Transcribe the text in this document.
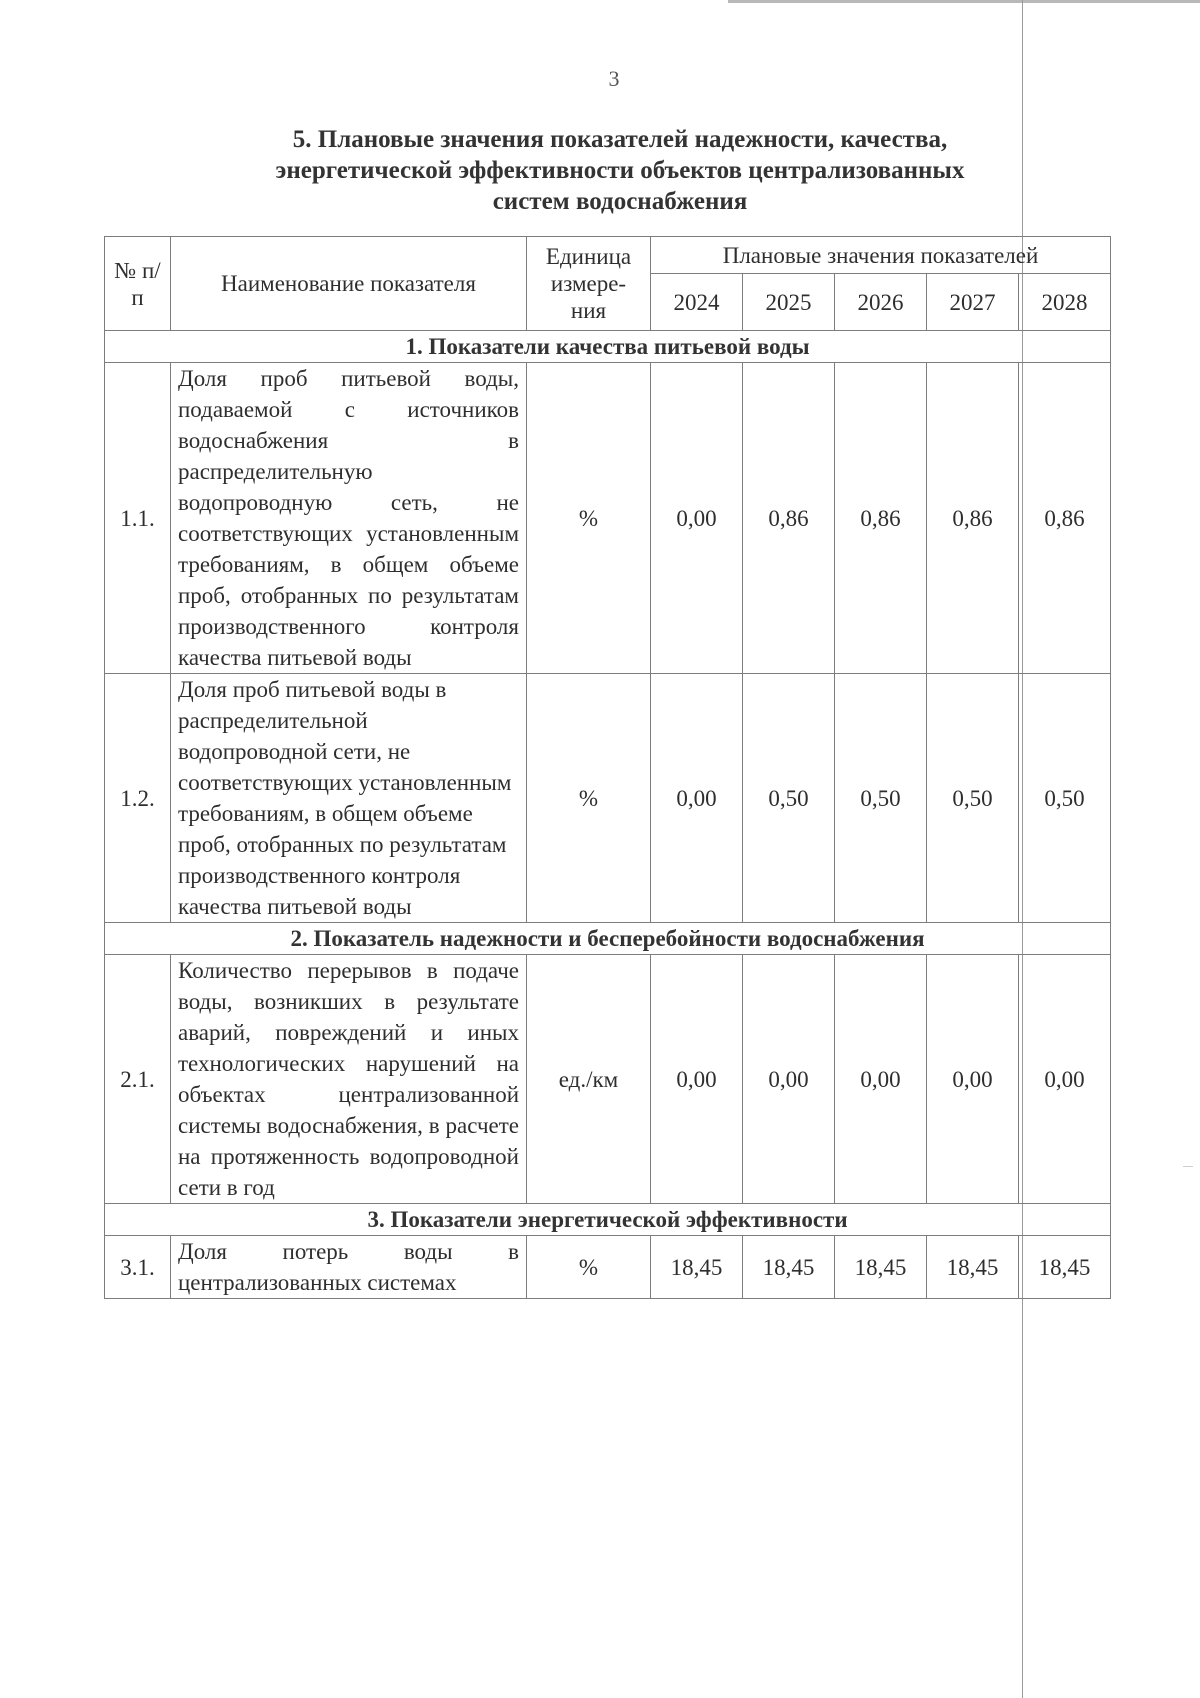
3
5. Плановые значения показателей надежности, качества,
энергетической эффективности объектов централизованных
систем водоснабжения
№ п/п	Наименование показателя	Единица измере-ния	Плановые значения показателей				
			2024	2025	2026	2027	2028
1. Показатели качества питьевой воды							
1.1.	Доля проб питьевой воды, подаваемой с источников водоснабжения в распределительную водопроводную сеть, не соответствующих установленным требованиям, в общем объеме проб, отобранных по результатам производственного контроля качества питьевой воды	%	0,00	0,86	0,86	0,86	0,86
1.2.	Доля проб питьевой воды в распределительной водопроводной сети, не соответствующих установленным требованиям, в общем объеме проб, отобранных по результатам производственного контроля качества питьевой воды	%	0,00	0,50	0,50	0,50	0,50
2. Показатель надежности и бесперебойности водоснабжения							
2.1.	Количество перерывов в подаче воды, возникших в результате аварий, повреждений и иных технологических нарушений на объектах централизованной системы водоснабжения, в расчете на протяженность водопроводной сети в год	ед./км	0,00	0,00	0,00	0,00	0,00
3. Показатели энергетической эффективности							
3.1.	Доля потерь воды в централизованных системах	%	18,45	18,45	18,45	18,45	18,45
